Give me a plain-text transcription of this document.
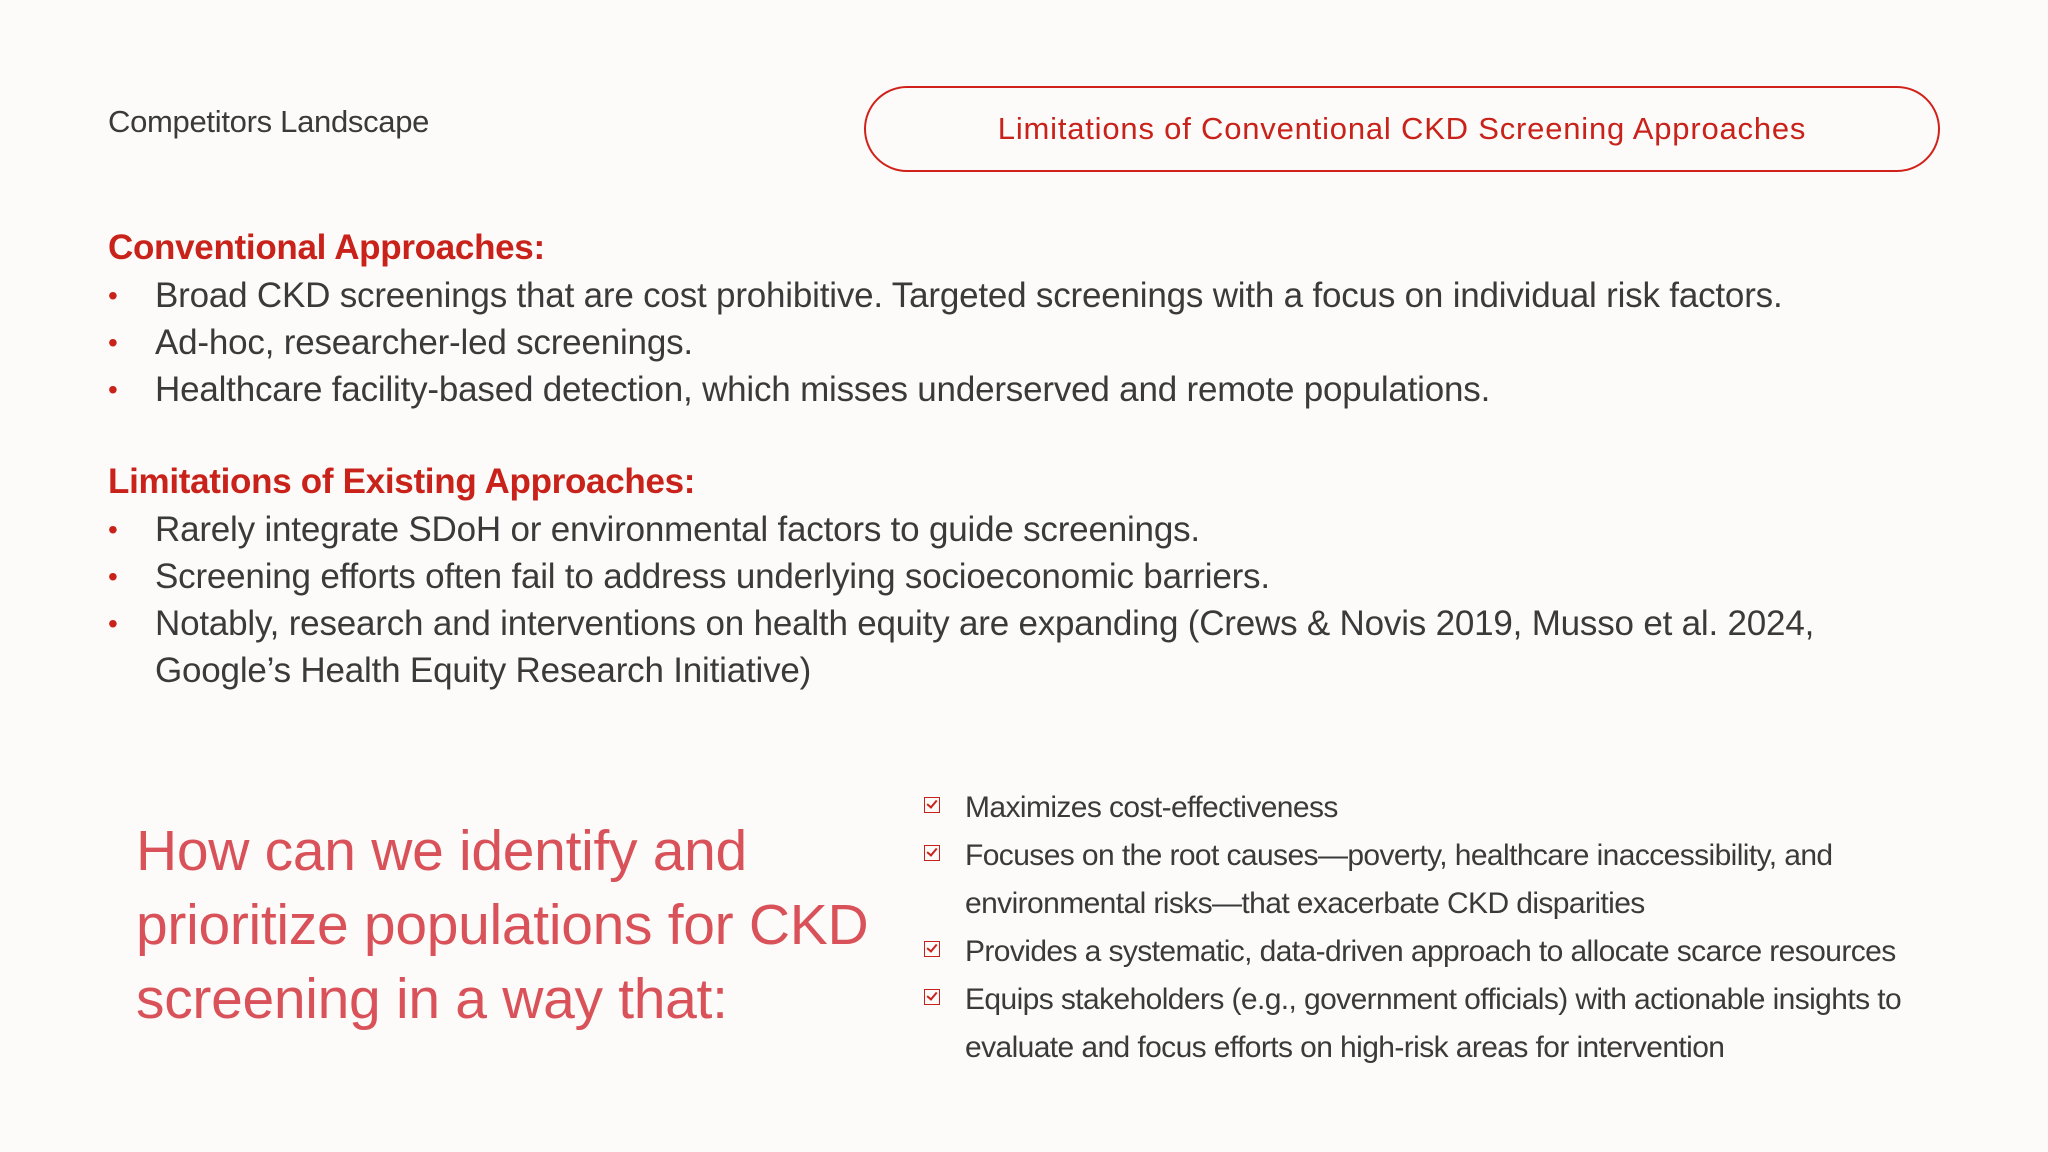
Competitors Landscape	Limitations of Conventional CKD Screening Approaches
Conventional Approaches:
• Broad CKD screenings that are cost prohibitive. Targeted screenings with a focus on individual risk factors.
• Ad-hoc, researcher-led screenings.
• Healthcare facility-based detection, which misses underserved and remote populations.
Limitations of Existing Approaches:
• Rarely integrate SDoH or environmental factors to guide screenings.
• Screening efforts often fail to address underlying socioeconomic barriers.
• Notably, research and interventions on health equity are expanding (Crews & Novis 2019, Musso et al. 2024, Google’s Health Equity Research Initiative)
How can we identify and prioritize populations for CKD screening in a way that:
Maximizes cost-effectiveness
Focuses on the root causes—poverty, healthcare inaccessibility, and environmental risks—that exacerbate CKD disparities
Provides a systematic, data-driven approach to allocate scarce resources
Equips stakeholders (e.g., government officials) with actionable insights to evaluate and focus efforts on high-risk areas for intervention
